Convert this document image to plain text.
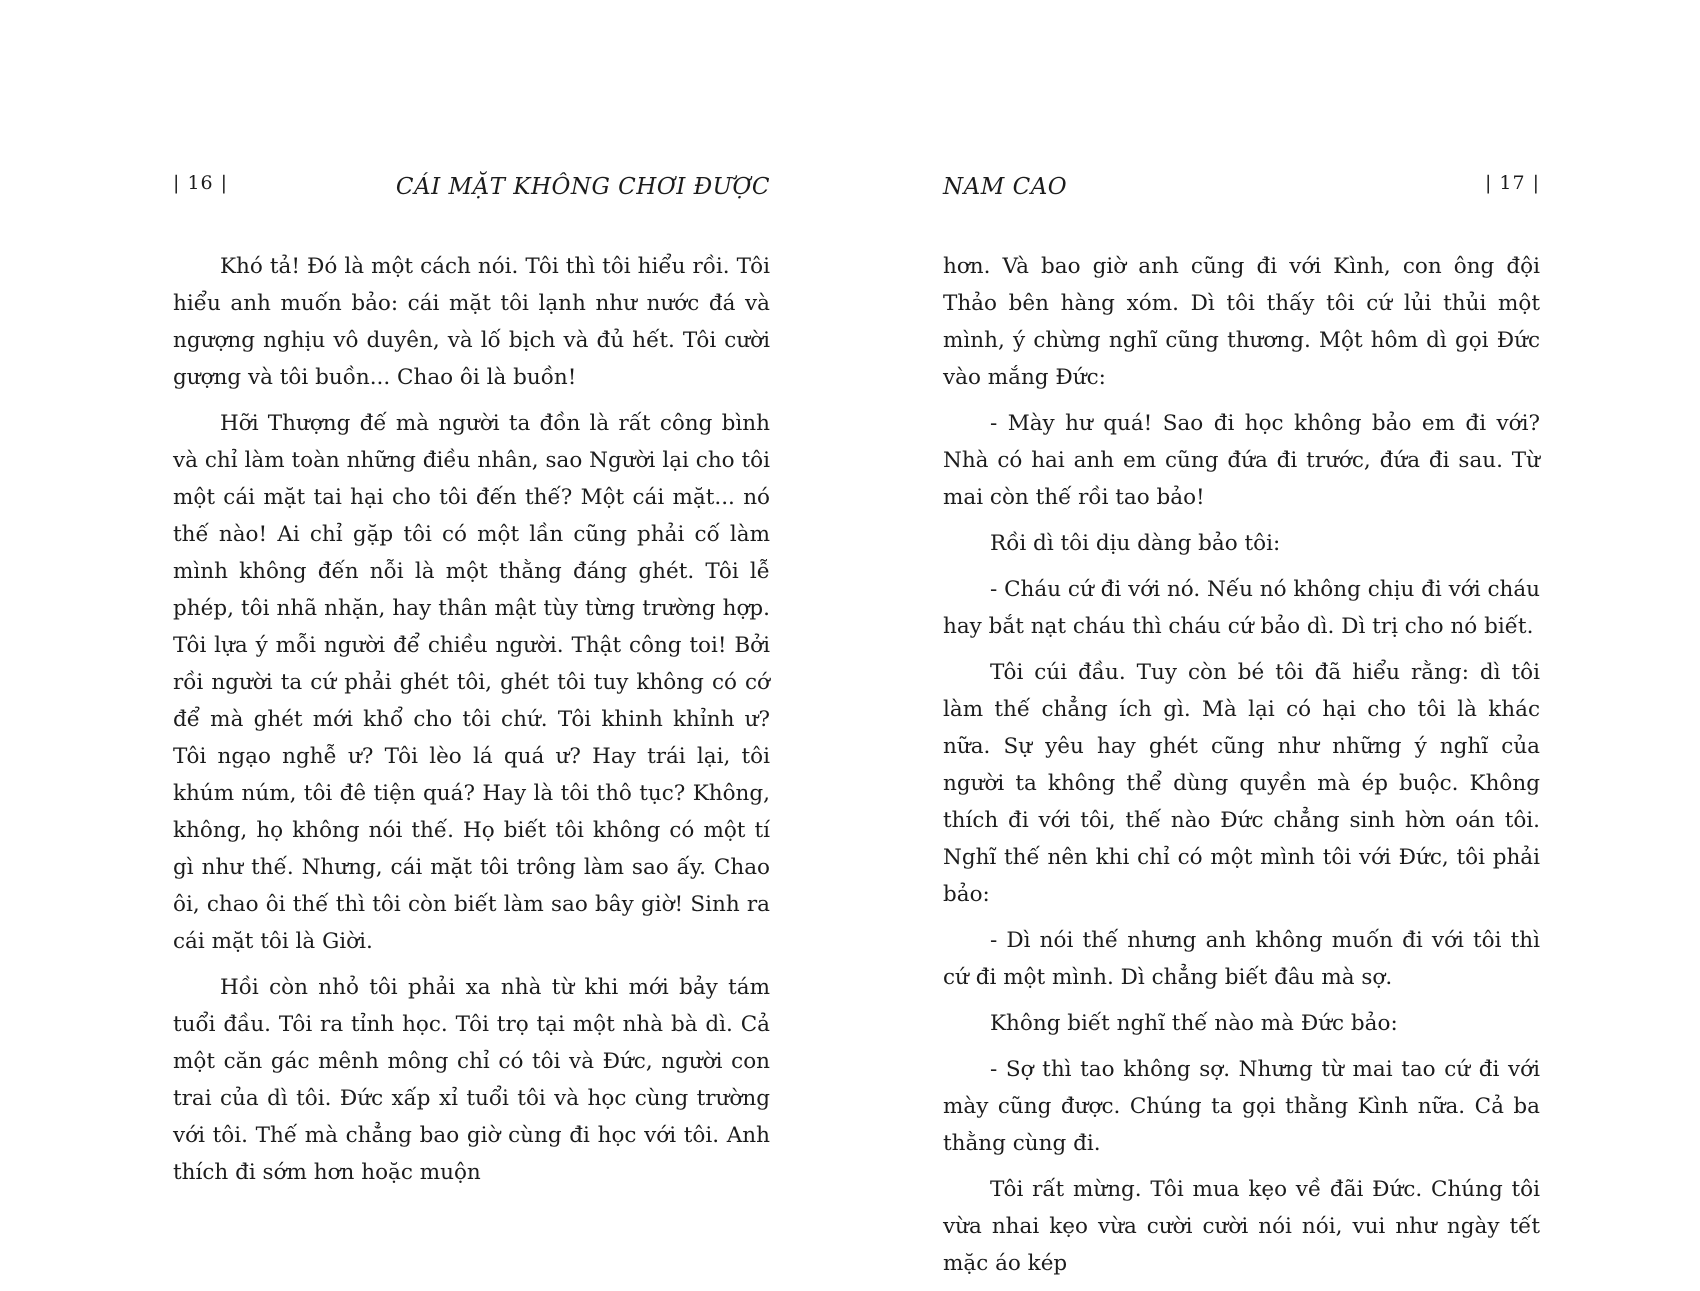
| 16 |	CÁI MẶT KHÔNG CHƠI ĐƯỢC

Khó tả! Đó là một cách nói. Tôi thì tôi hiểu rồi. Tôi hiểu anh muốn bảo: cái mặt tôi lạnh như nước đá và ngượng nghịu vô duyên, và lố bịch và đủ hết. Tôi cười gượng và tôi buồn... Chao ôi là buồn!

Hỡi Thượng đế mà người ta đồn là rất công bình và chỉ làm toàn những điều nhân, sao Người lại cho tôi một cái mặt tai hại cho tôi đến thế? Một cái mặt... nó thế nào! Ai chỉ gặp tôi có một lần cũng phải cố làm mình không đến nỗi là một thằng đáng ghét. Tôi lễ phép, tôi nhã nhặn, hay thân mật tùy từng trường hợp. Tôi lựa ý mỗi người để chiều người. Thật công toi! Bởi rồi người ta cứ phải ghét tôi, ghét tôi tuy không có cớ để mà ghét mới khổ cho tôi chứ. Tôi khinh khỉnh ư? Tôi ngạo nghễ ư? Tôi lèo lá quá ư? Hay trái lại, tôi khúm núm, tôi đê tiện quá? Hay là tôi thô tục? Không, không, họ không nói thế. Họ biết tôi không có một tí gì như thế. Nhưng, cái mặt tôi trông làm sao ấy. Chao ôi, chao ôi thế thì tôi còn biết làm sao bây giờ! Sinh ra cái mặt tôi là Giời.

Hồi còn nhỏ tôi phải xa nhà từ khi mới bảy tám tuổi đầu. Tôi ra tỉnh học. Tôi trọ tại một nhà bà dì. Cả một căn gác mênh mông chỉ có tôi và Đức, người con trai của dì tôi. Đức xấp xỉ tuổi tôi và học cùng trường với tôi. Thế mà chẳng bao giờ cùng đi học với tôi. Anh thích đi sớm hơn hoặc muộn

NAM CAO	| 17 |

hơn. Và bao giờ anh cũng đi với Kình, con ông đội Thảo bên hàng xóm. Dì tôi thấy tôi cứ lủi thủi một mình, ý chừng nghĩ cũng thương. Một hôm dì gọi Đức vào mắng Đức:

- Mày hư quá! Sao đi học không bảo em đi với? Nhà có hai anh em cũng đứa đi trước, đứa đi sau. Từ mai còn thế rồi tao bảo!

Rồi dì tôi dịu dàng bảo tôi:

- Cháu cứ đi với nó. Nếu nó không chịu đi với cháu hay bắt nạt cháu thì cháu cứ bảo dì. Dì trị cho nó biết.

Tôi cúi đầu. Tuy còn bé tôi đã hiểu rằng: dì tôi làm thế chẳng ích gì. Mà lại có hại cho tôi là khác nữa. Sự yêu hay ghét cũng như những ý nghĩ của người ta không thể dùng quyền mà ép buộc. Không thích đi với tôi, thế nào Đức chẳng sinh hờn oán tôi. Nghĩ thế nên khi chỉ có một mình tôi với Đức, tôi phải bảo:

- Dì nói thế nhưng anh không muốn đi với tôi thì cứ đi một mình. Dì chẳng biết đâu mà sợ.

Không biết nghĩ thế nào mà Đức bảo:

- Sợ thì tao không sợ. Nhưng từ mai tao cứ đi với mày cũng được. Chúng ta gọi thằng Kình nữa. Cả ba thằng cùng đi.

Tôi rất mừng. Tôi mua kẹo về đãi Đức. Chúng tôi vừa nhai kẹo vừa cười cười nói nói, vui như ngày tết mặc áo kép
